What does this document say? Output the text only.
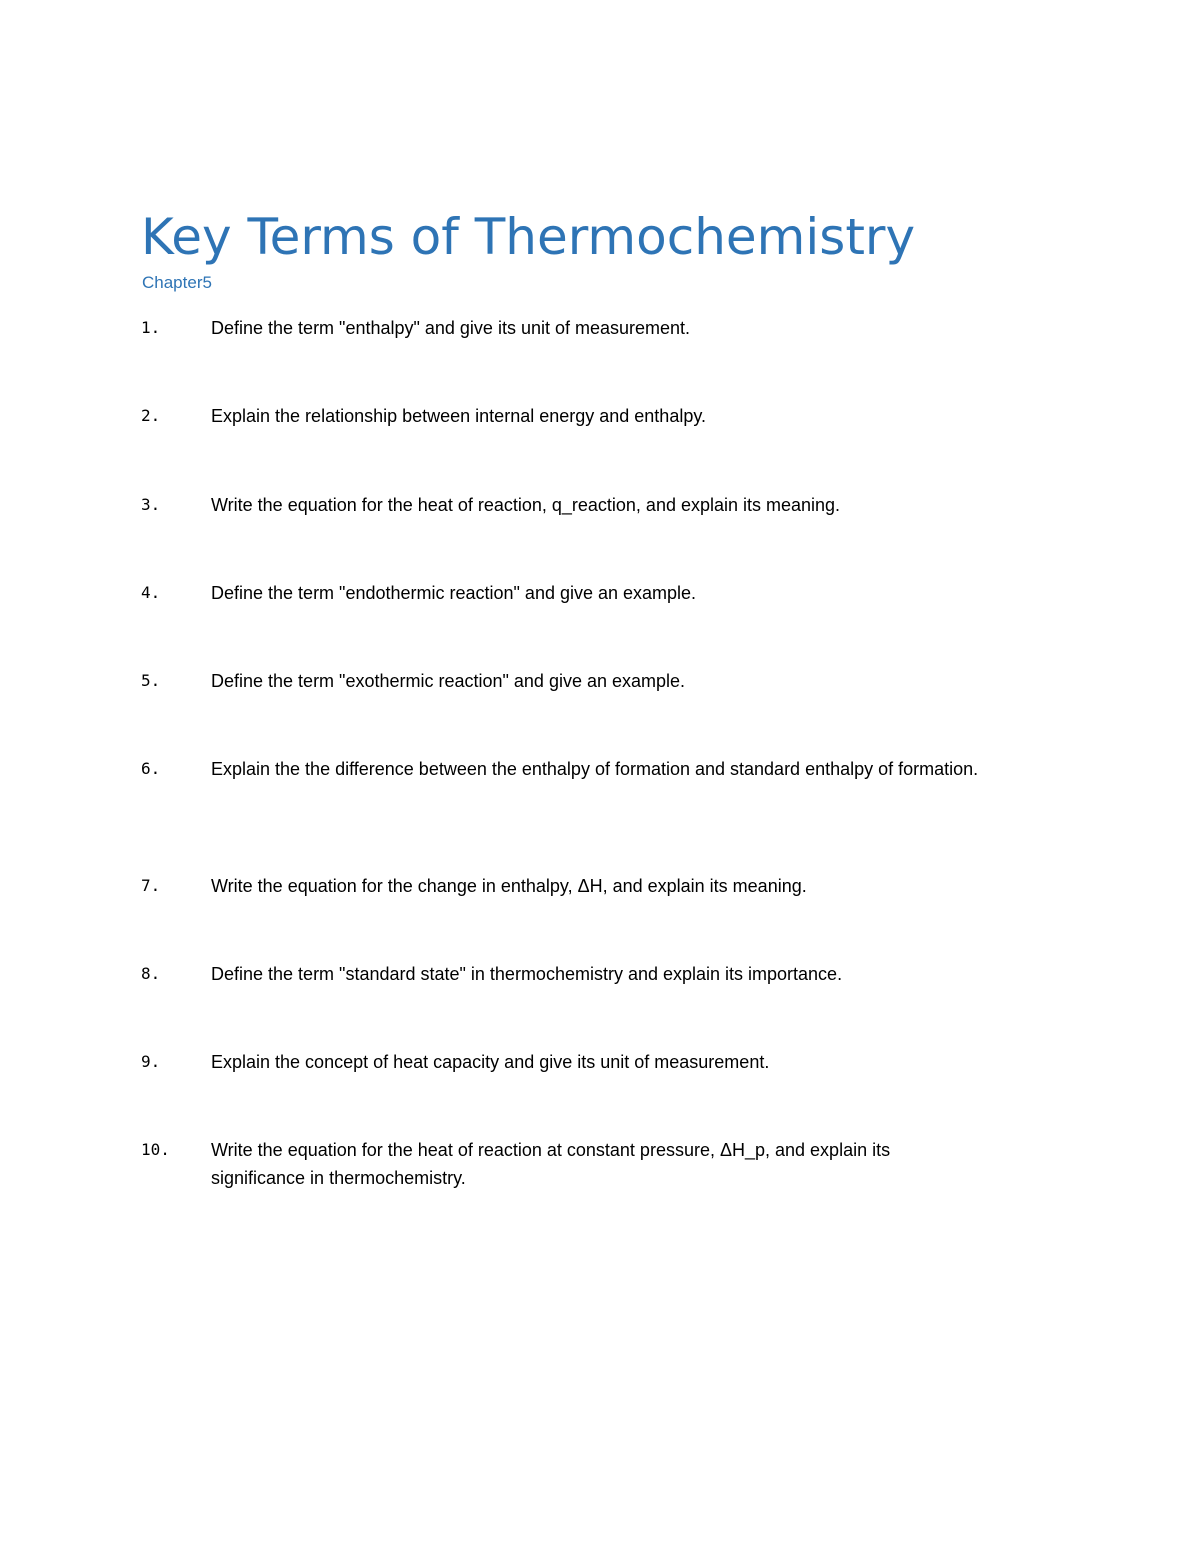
Key Terms of Thermochemistry
Chapter5
1.	Define the term "enthalpy" and give its unit of measurement.
2.	Explain the relationship between internal energy and enthalpy.
3.	Write the equation for the heat of reaction, q_reaction, and explain its meaning.
4.	Define the term "endothermic reaction" and give an example.
5.	Define the term "exothermic reaction" and give an example.
6.	Explain the the difference between the enthalpy of formation and standard enthalpy of formation.
7.	Write the equation for the change in enthalpy, ΔH, and explain its meaning.
8.	Define the term "standard state" in thermochemistry and explain its importance.
9.	Explain the concept of heat capacity and give its unit of measurement.
10.	Write the equation for the heat of reaction at constant pressure, ΔH_p, and explain its significance in thermochemistry.
